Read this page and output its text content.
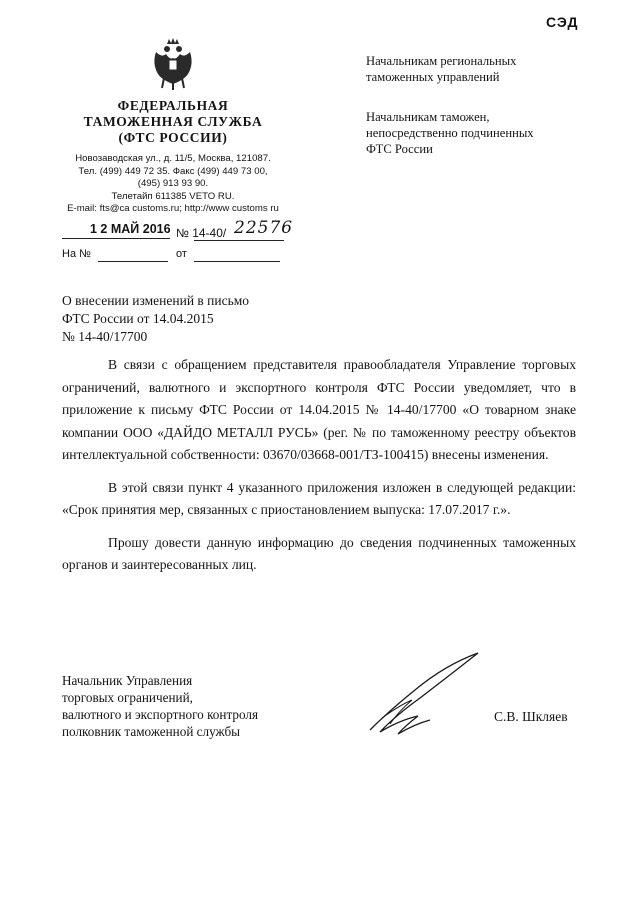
СЭД
ФЕДЕРАЛЬНАЯ
ТАМОЖЕННАЯ СЛУЖБА
(ФТС РОССИИ)
Новозаводская ул., д. 11/5, Москва, 121087.
Тел. (499) 449 72 35. Факс (499) 449 73 00,
(495) 913 93 90.
Телетайп 611385 VETO RU.
E-mail: fts@ca customs.ru; http://www customs ru
1 2 МАЙ 2016 № 14-40/ 22576
На №	от
Начальникам региональных
таможенных управлений
Начальникам таможен,
непосредственно подчиненных
ФТС России
О внесении изменений в письмо
ФТС России от 14.04.2015
№ 14-40/17700

В связи с обращением представителя правообладателя Управление торговых ограничений, валютного и экспортного контроля ФТС России уведомляет, что в приложение к письму ФТС России от 14.04.2015 № 14-40/17700 «О товарном знаке компании ООО «ДАЙДО МЕТАЛЛ РУСЬ» (рег. № по таможенному реестру объектов интеллектуальной собственности: 03670/03668-001/ТЗ-100415) внесены изменения.

В этой связи пункт 4 указанного приложения изложен в следующей редакции: «Срок принятия мер, связанных с приостановлением выпуска: 17.07.2017 г.».

Прошу довести данную информацию до сведения подчиненных таможенных органов и заинтересованных лиц.

Начальник Управления
торговых ограничений,
валютного и экспортного контроля
полковник таможенной службы
С.В. Шкляев
